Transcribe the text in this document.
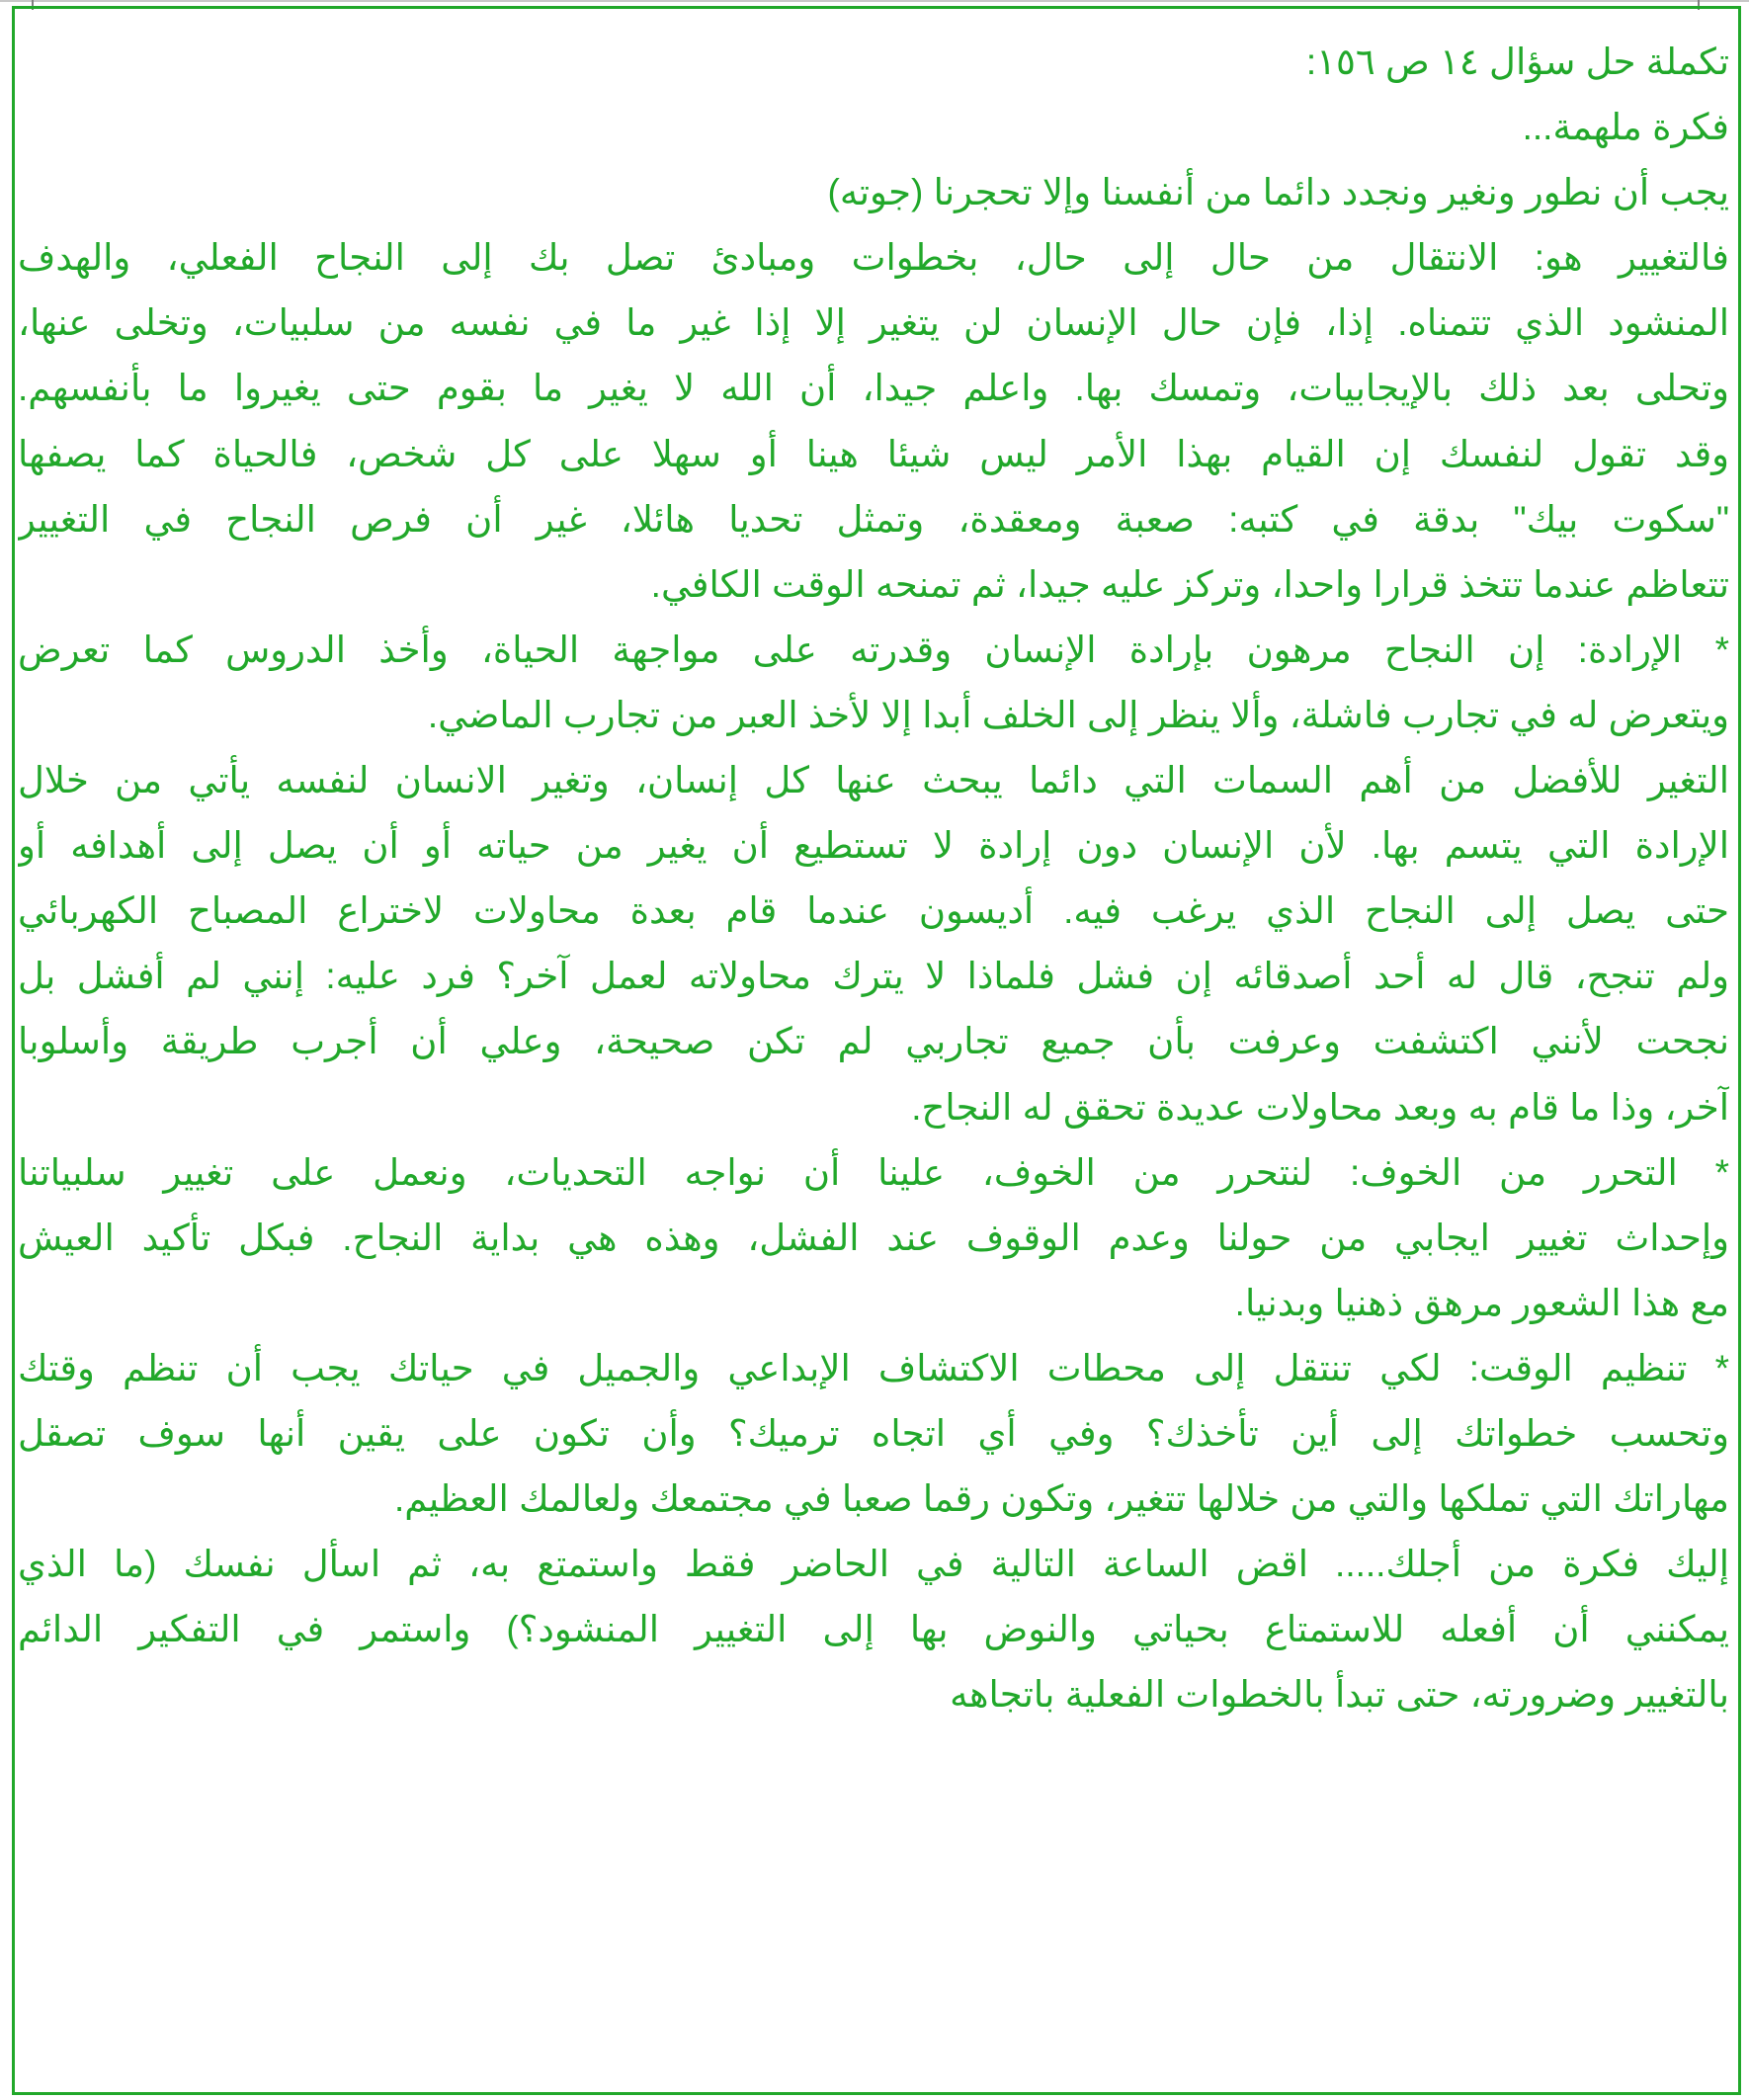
تكملة حل سؤال ١٤ ص ١٥٦:
فكرة ملهمة...
يجب أن نطور ونغير ونجدد دائما من أنفسنا وإلا تحجرنا (جوته)
فالتغيير هو: الانتقال من حال إلى حال، بخطوات ومبادئ تصل بك إلى النجاح الفعلي، والهدف
المنشود الذي تتمناه. إذا، فإن حال الإنسان لن يتغير إلا إذا غير ما في نفسه من سلبيات، وتخلى عنها،
وتحلى بعد ذلك بالإيجابيات، وتمسك بها. واعلم جيدا، أن الله لا يغير ما بقوم حتى يغيروا ما بأنفسهم.
وقد تقول لنفسك إن القيام بهذا الأمر ليس شيئا هينا أو سهلا على كل شخص، فالحياة كما يصفها
"سكوت بيك" بدقة في كتبه: صعبة ومعقدة، وتمثل تحديا هائلا، غير أن فرص النجاح في التغيير
تتعاظم عندما تتخذ قرارا واحدا، وتركز عليه جيدا، ثم تمنحه الوقت الكافي.
* الإرادة: إن النجاح مرهون بإرادة الإنسان وقدرته على مواجهة الحياة، وأخذ الدروس كما تعرض
ويتعرض له في تجارب فاشلة، وألا ينظر إلى الخلف أبدا إلا لأخذ العبر من تجارب الماضي.
التغير للأفضل من أهم السمات التي دائما يبحث عنها كل إنسان، وتغير الانسان لنفسه يأتي من خلال
الإرادة التي يتسم بها. لأن الإنسان دون إرادة لا تستطيع أن يغير من حياته أو أن يصل إلى أهدافه أو
حتى يصل إلى النجاح الذي يرغب فيه. أديسون عندما قام بعدة محاولات لاختراع المصباح الكهربائي
ولم تنجح، قال له أحد أصدقائه إن فشل فلماذا لا يترك محاولاته لعمل آخر؟ فرد عليه: إنني لم أفشل بل
نجحت لأنني اكتشفت وعرفت بأن جميع تجاربي لم تكن صحيحة، وعلي أن أجرب طريقة وأسلوبا
آخر، وذا ما قام به وبعد محاولات عديدة تحقق له النجاح.
* التحرر من الخوف: لنتحرر من الخوف، علينا أن نواجه التحديات، ونعمل على تغيير سلبياتنا
وإحداث تغيير ايجابي من حولنا وعدم الوقوف عند الفشل، وهذه هي بداية النجاح. فبكل تأكيد العيش
مع هذا الشعور مرهق ذهنيا وبدنيا.
* تنظيم الوقت: لكي تنتقل إلى محطات الاكتشاف الإبداعي والجميل في حياتك يجب أن تنظم وقتك
وتحسب خطواتك إلى أين تأخذك؟ وفي أي اتجاه ترميك؟ وأن تكون على يقين أنها سوف تصقل
مهاراتك التي تملكها والتي من خلالها تتغير، وتكون رقما صعبا في مجتمعك ولعالمك العظيم.
إليك فكرة من أجلك..... اقض الساعة التالية في الحاضر فقط واستمتع به، ثم اسأل نفسك (ما الذي
يمكنني أن أفعله للاستمتاع بحياتي والنوض بها إلى التغيير المنشود؟) واستمر في التفكير الدائم
بالتغيير وضرورته، حتى تبدأ بالخطوات الفعلية باتجاهه
